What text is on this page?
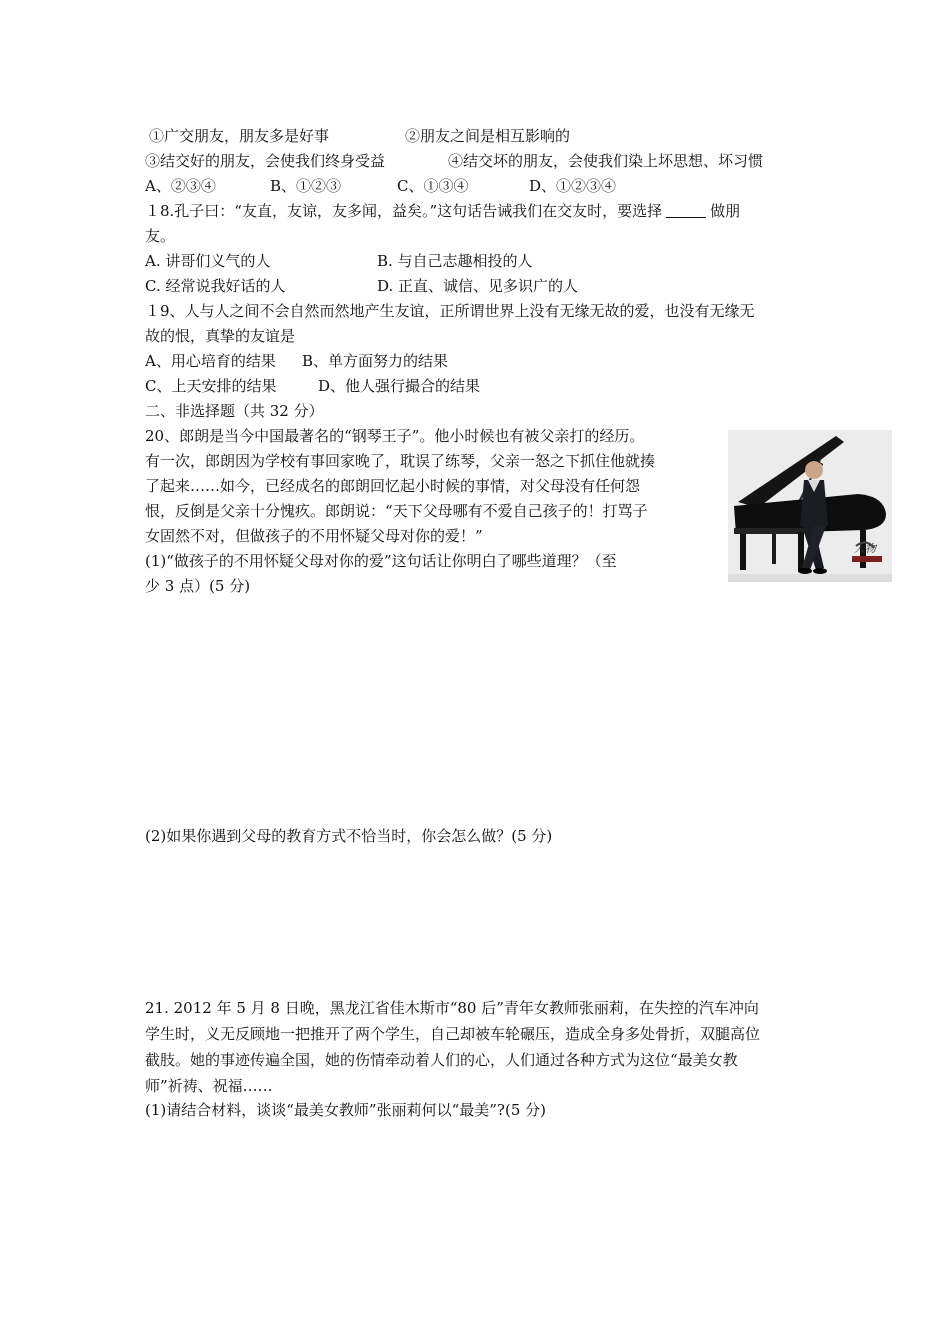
①广交朋友，朋友多是好事	②朋友之间是相互影响的
③结交好的朋友，会使我们终身受益	④结交坏的朋友，会使我们染上坏思想、坏习惯
A、②③④	B、①②③	C、①③④	D、①②③④
１8.孔子曰：“友直，友谅，友多闻，益矣。”这句话告诫我们在交友时，要选择	做朋
友。
A. 讲哥们义气的人	B. 与自己志趣相投的人
C. 经常说我好话的人	D. 正直、诚信、见多识广的人
１9、人与人之间不会自然而然地产生友谊，正所谓世界上没有无缘无故的爱，也没有无缘无
故的恨，真挚的友谊是
A、用心培育的结果 B、单方面努力的结果
C、上天安排的结果	D、他人强行撮合的结果
二、非选择题（共 32 分）
20、郎朗是当今中国最著名的“钢琴王子”。他小时候也有被父亲打的经历。
有一次，郎朗因为学校有事回家晚了，耽误了练琴，父亲一怒之下抓住他就揍
了起来……如今，已经成名的郎朗回忆起小时候的事情，对父母没有任何怨
恨，反倒是父亲十分愧疚。郎朗说：“天下父母哪有不爱自己孩子的！打骂子
女固然不对，但做孩子的不用怀疑父母对你的爱！”
(1)“做孩子的不用怀疑父母对你的爱”这句话让你明白了哪些道理？（至
少 3 点）(5 分)
人物
(2)如果你遇到父母的教育方式不恰当时，你会怎么做？(5 分)
21. 2012 年 5 月 8 日晚，黑龙江省佳木斯市“80 后”青年女教师张丽莉，在失控的汽车冲向
学生时，义无反顾地一把推开了两个学生，自己却被车轮碾压，造成全身多处骨折，双腿高位
截肢。她的事迹传遍全国，她的伤情牵动着人们的心，人们通过各种方式为这位“最美女教
师”祈祷、祝福……
(1)请结合材料，谈谈“最美女教师”张丽莉何以“最美”?(5 分)
